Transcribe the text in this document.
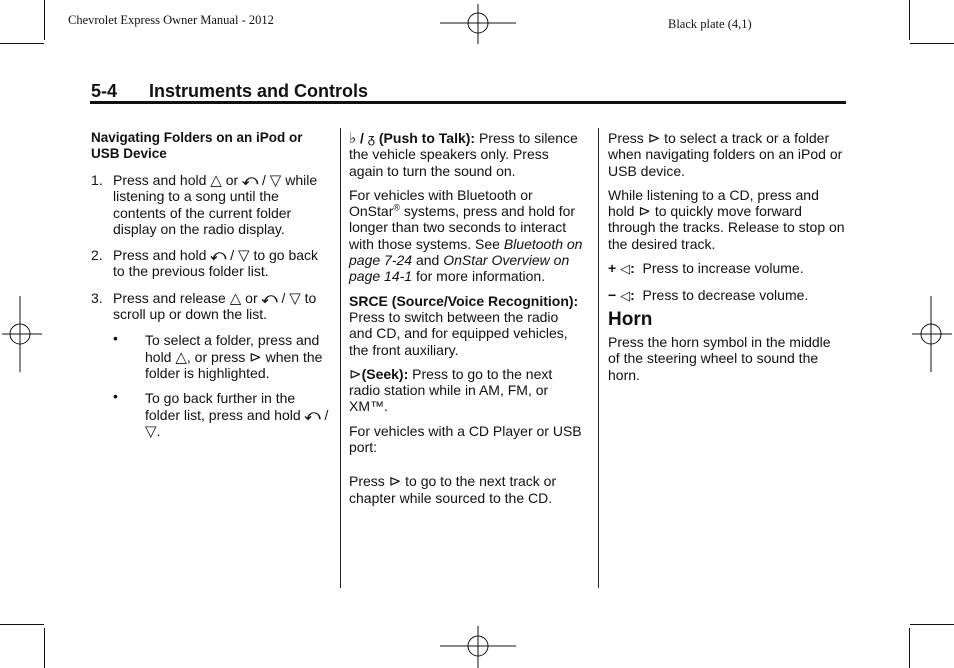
Chevrolet Express Owner Manual - 2012	Black plate (4,1)
5-4 Instruments and Controls

Navigating Folders on an iPod or USB Device

1. Press and hold △ or ⤺ / ▽ while listening to a song until the contents of the current folder display on the radio display.
2. Press and hold ⤺ / ▽ to go back to the previous folder list.
3. Press and release △ or ⤺ / ▽ to scroll up or down the list.
• To select a folder, press and hold △, or press ⊳ when the folder is highlighted.
• To go back further in the folder list, press and hold ⤺ / ▽.

♭ / ᵹ (Push to Talk): Press to silence the vehicle speakers only. Press again to turn the sound on.

For vehicles with Bluetooth or OnStar® systems, press and hold for longer than two seconds to interact with those systems. See Bluetooth on page 7-24 and OnStar Overview on page 14-1 for more information.

SRCE (Source/Voice Recognition): Press to switch between the radio and CD, and for equipped vehicles, the front auxiliary.

⊳(Seek): Press to go to the next radio station while in AM, FM, or XM™.

For vehicles with a CD Player or USB port:

Press ⊳ to go to the next track or chapter while sourced to the CD.

Press ⊳ to select a track or a folder when navigating folders on an iPod or USB device.

While listening to a CD, press and hold ⊳ to quickly move forward through the tracks. Release to stop on the desired track.

+ ◁: Press to increase volume.

− ◁: Press to decrease volume.

Horn

Press the horn symbol in the middle of the steering wheel to sound the horn.
